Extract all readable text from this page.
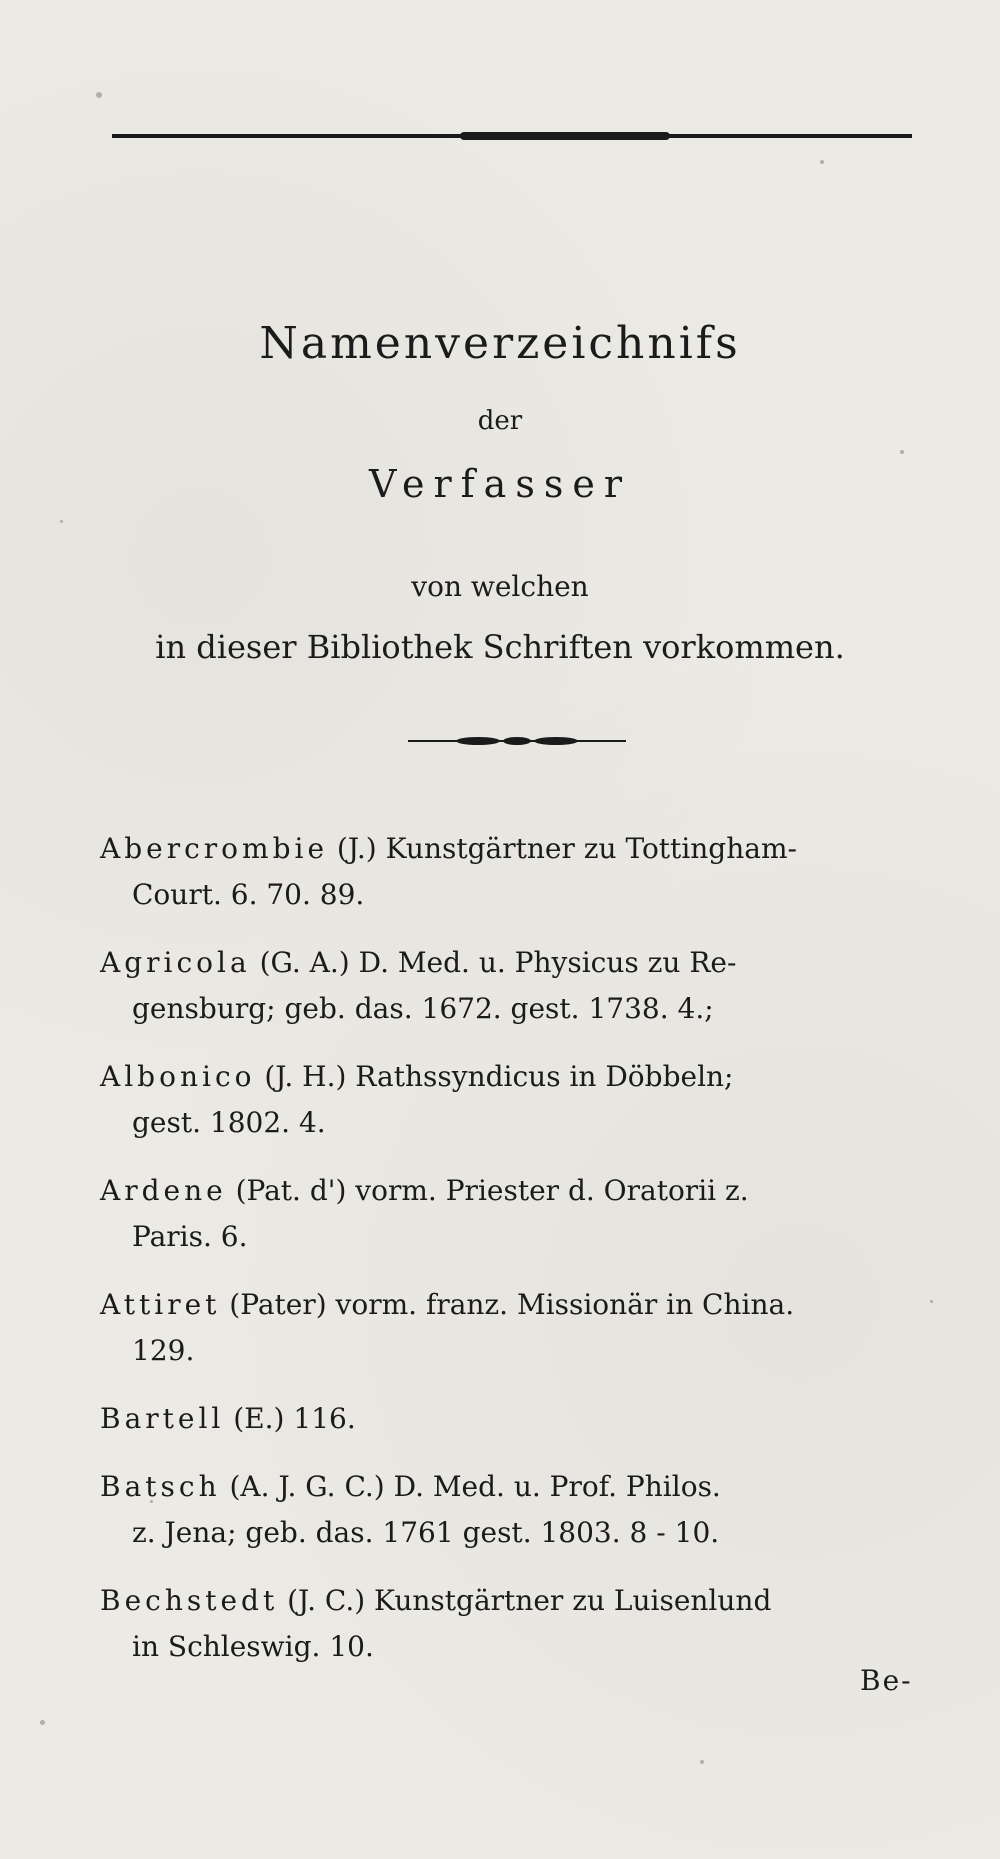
Namenverzeichnifs
der
Verfasser
von welchen
in dieser Bibliothek Schriften vorkommen.
Abercrombie (J.) Kunstgärtner zu Tottingham-
Court. 6. 70. 89.
Agricola (G. A.) D. Med. u. Physicus zu Re-
gensburg; geb. das. 1672. gest. 1738. 4.;
Albonico (J. H.) Rathssyndicus in Döbbeln;
gest. 1802. 4.
Ardene (Pat. d') vorm. Priester d. Oratorii z.
Paris. 6.
Attiret (Pater) vorm. franz. Missionär in China.
129.
Bartell (E.) 116.
Batsch (A. J. G. C.) D. Med. u. Prof. Philos.
z. Jena; geb. das. 1761 gest. 1803. 8 - 10.
Bechstedt (J. C.) Kunstgärtner zu Luisenlund
in Schleswig. 10.
Be-
